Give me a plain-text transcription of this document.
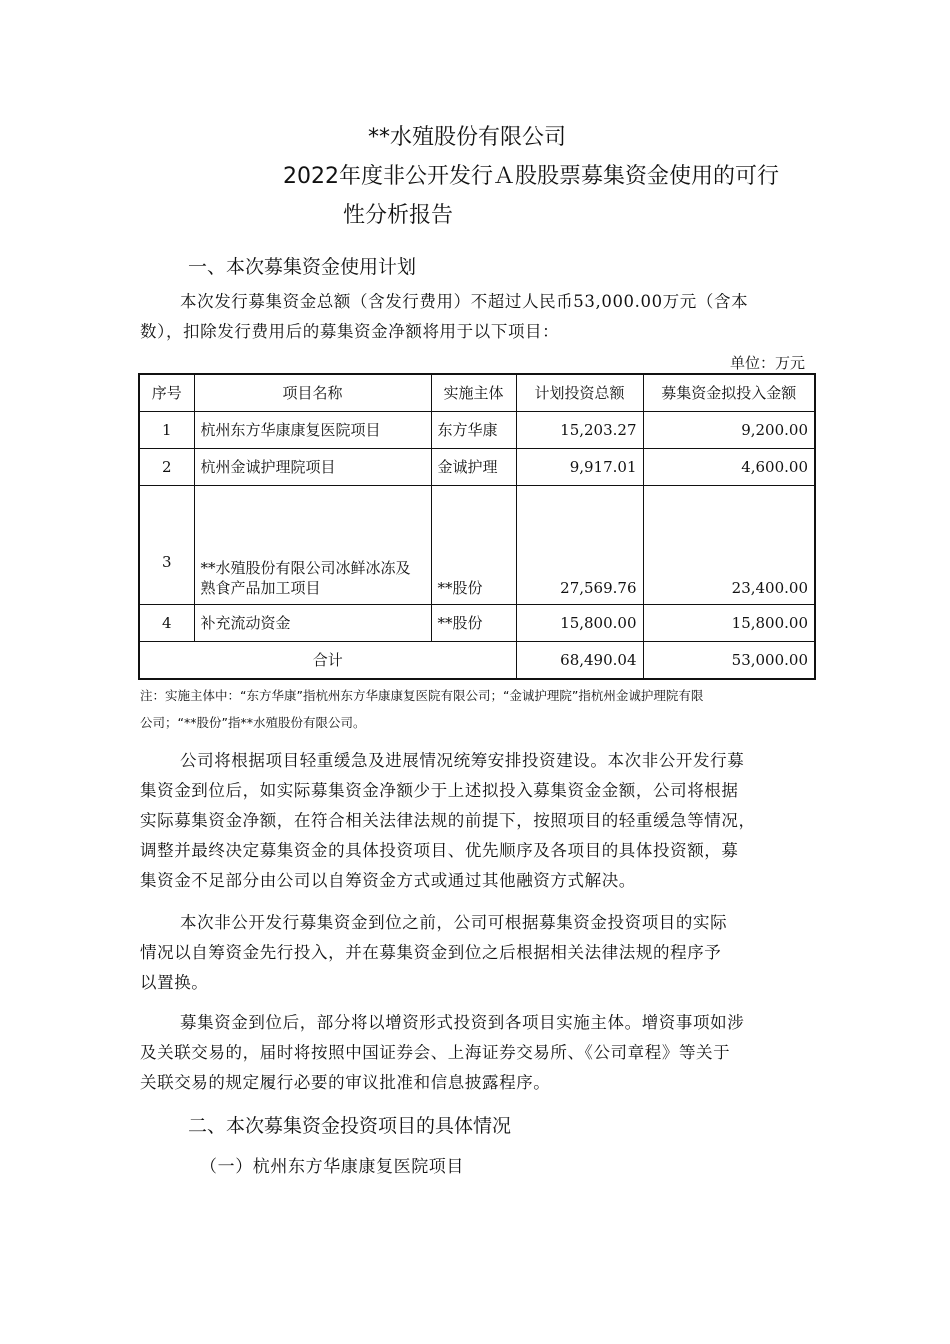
**水殖股份有限公司
2022年度非公开发行Ａ股股票募集资金使用的可行
性分析报告
一、本次募集资金使用计划
本次发行募集资金总额（含发行费用）不超过人民币53,000.00万元（含本
数），扣除发行费用后的募集资金净额将用于以下项目：
单位：万元
序号	项目名称	实施主体	计划投资总额	募集资金拟投入金额
1	杭州东方华康康复医院项目	东方华康	15,203.27	9,200.00
2	杭州金诚护理院项目	金诚护理	9,917.01	4,600.00
3	**水殖股份有限公司冰鲜冰冻及熟食产品加工项目	**股份	27,569.76	23,400.00
4	补充流动资金	**股份	15,800.00	15,800.00
合计			68,490.04	53,000.00
注：实施主体中：“东方华康”指杭州东方华康康复医院有限公司；“金诚护理院”指杭州金诚护理院有限
公司；“**股份”指**水殖股份有限公司。
公司将根据项目轻重缓急及进展情况统筹安排投资建设。本次非公开发行募
集资金到位后，如实际募集资金净额少于上述拟投入募集资金金额，公司将根据
实际募集资金净额，在符合相关法律法规的前提下，按照项目的轻重缓急等情况，
调整并最终决定募集资金的具体投资项目、优先顺序及各项目的具体投资额，募
集资金不足部分由公司以自筹资金方式或通过其他融资方式解决。
本次非公开发行募集资金到位之前，公司可根据募集资金投资项目的实际
情况以自筹资金先行投入，并在募集资金到位之后根据相关法律法规的程序予
以置换。
募集资金到位后，部分将以增资形式投资到各项目实施主体。增资事项如涉
及关联交易的，届时将按照中国证券会、上海证券交易所、《公司章程》等关于
关联交易的规定履行必要的审议批准和信息披露程序。
二、本次募集资金投资项目的具体情况
（一）杭州东方华康康复医院项目
